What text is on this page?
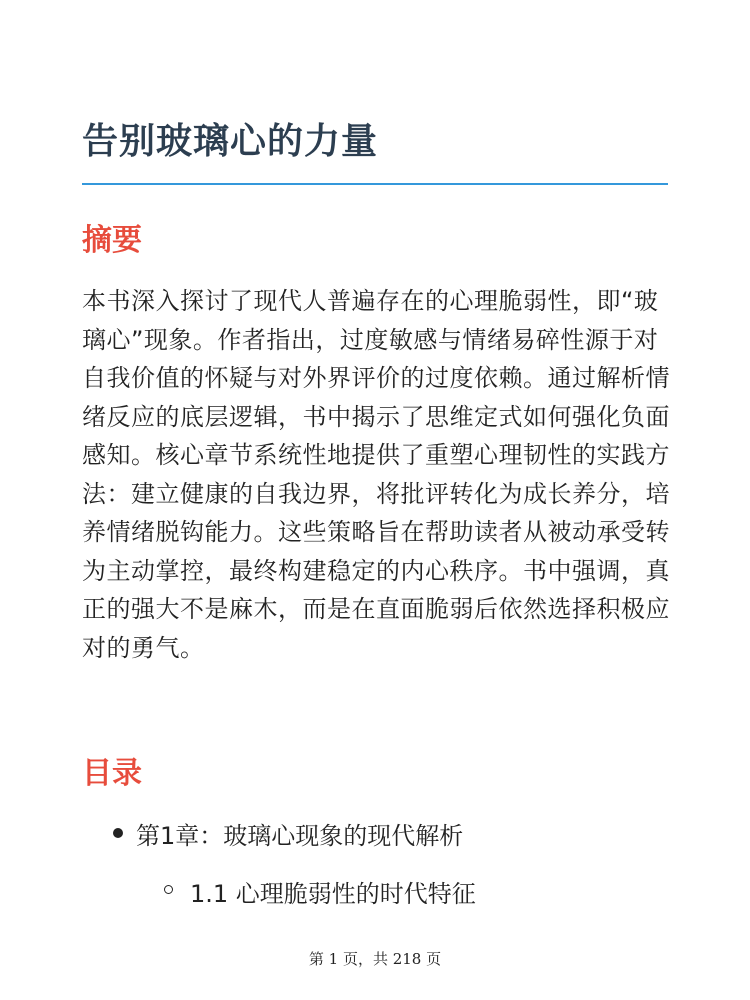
告别玻璃心的力量
摘要

本书深入探讨了现代人普遍存在的心理脆弱性，即“玻璃心”现象。作者指出，过度敏感与情绪易碎性源于对自我价值的怀疑与对外界评价的过度依赖。通过解析情绪反应的底层逻辑，书中揭示了思维定式如何强化负面感知。核心章节系统性地提供了重塑心理韧性的实践方法：建立健康的自我边界，将批评转化为成长养分，培养情绪脱钩能力。这些策略旨在帮助读者从被动承受转为主动掌控，最终构建稳定的内心秩序。书中强调，真正的强大不是麻木，而是在直面脆弱后依然选择积极应对的勇气。

目录
第1章：玻璃心现象的现代解析
1.1 心理脆弱性的时代特征
第 1 页，共 218 页
